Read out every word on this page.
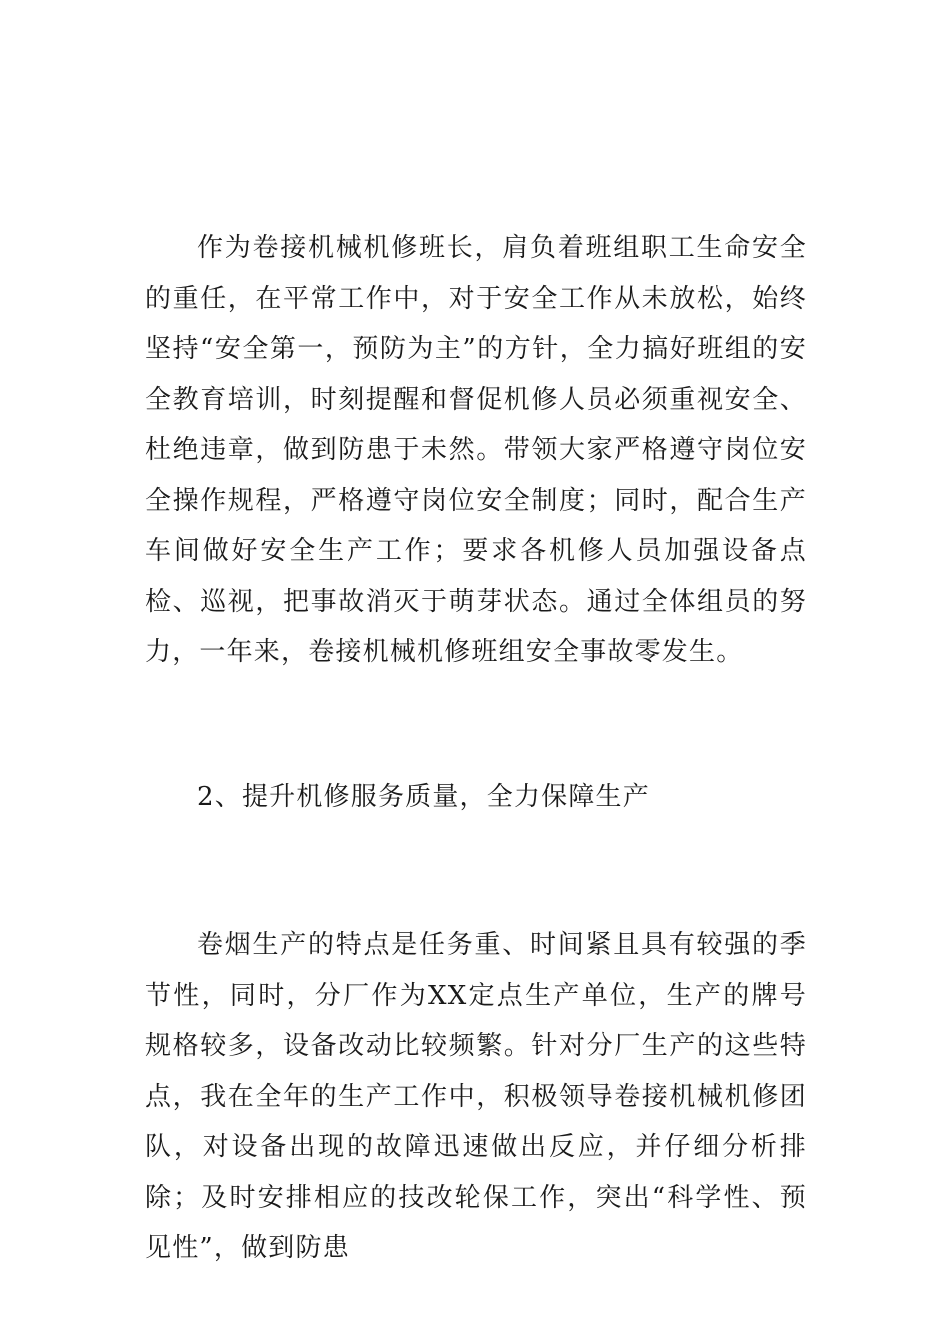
作为卷接机械机修班长，肩负着班组职工生命安全的重任，在平常工作中，对于安全工作从未放松，始终坚持“安全第一，预防为主”的方针，全力搞好班组的安全教育培训，时刻提醒和督促机修人员必须重视安全、杜绝违章，做到防患于未然。带领大家严格遵守岗位安全操作规程，严格遵守岗位安全制度；同时，配合生产车间做好安全生产工作；要求各机修人员加强设备点检、巡视，把事故消灭于萌芽状态。通过全体组员的努力，一年来，卷接机械机修班组安全事故零发生。

2、提升机修服务质量，全力保障生产

卷烟生产的特点是任务重、时间紧且具有较强的季节性，同时，分厂作为XX定点生产单位，生产的牌号规格较多，设备改动比较频繁。针对分厂生产的这些特点，我在全年的生产工作中，积极领导卷接机械机修团队，对设备出现的故障迅速做出反应，并仔细分析排除；及时安排相应的技改轮保工作，突出“科学性、预见性”，做到防患
